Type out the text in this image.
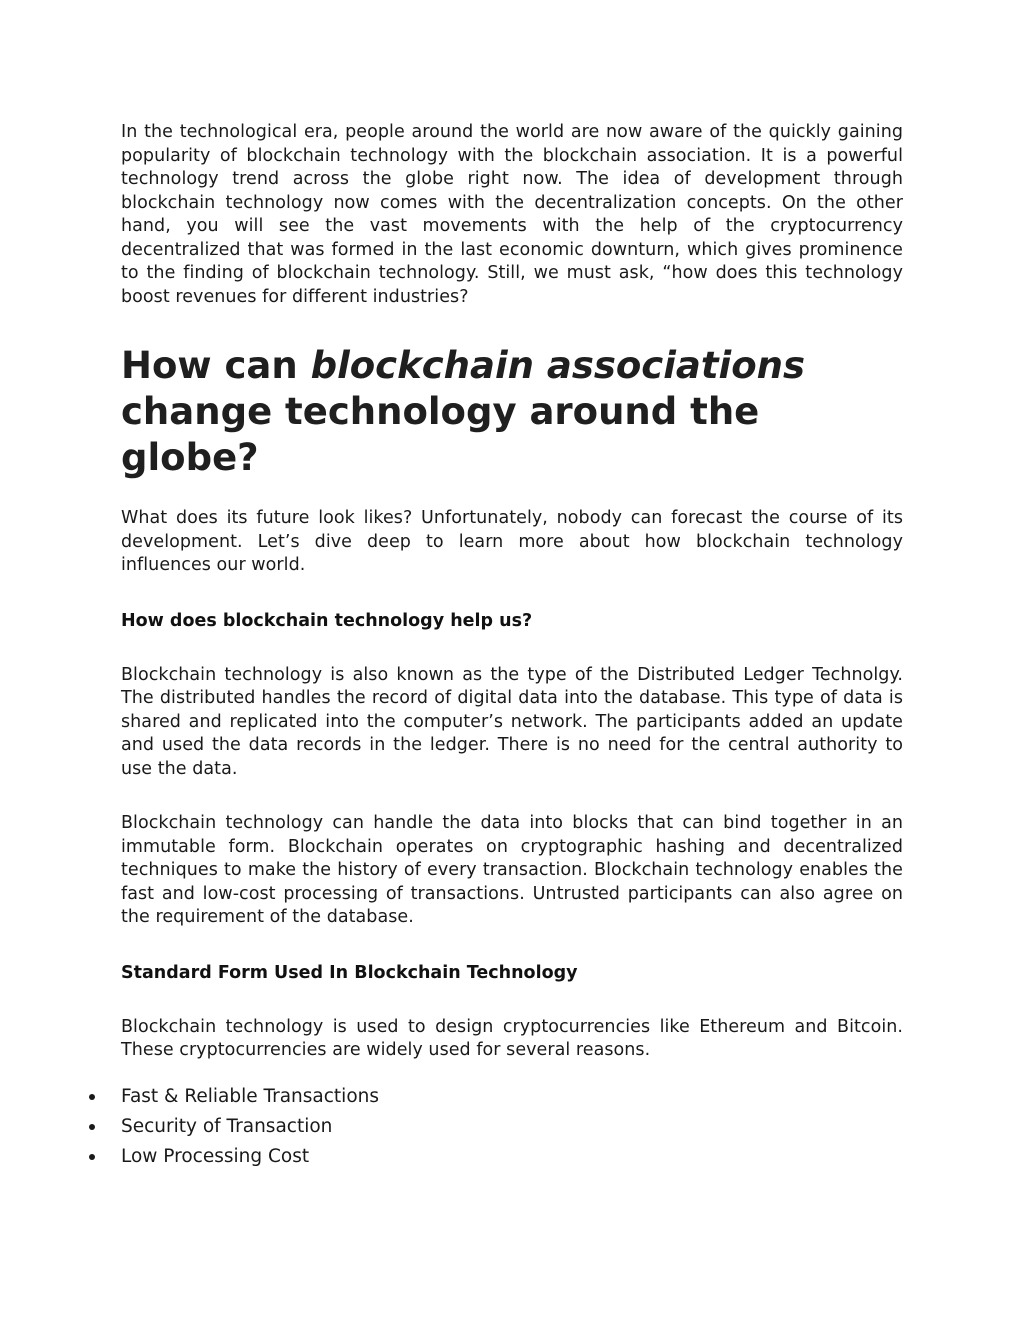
In the technological era, people around the world are now aware of the quickly gaining popularity of blockchain technology with the blockchain association. It is a powerful technology trend across the globe right now. The idea of development through blockchain technology now comes with the decentralization concepts. On the other hand, you will see the vast movements with the help of the cryptocurrency decentralized that was formed in the last economic downturn, which gives prominence to the finding of blockchain technology. Still, we must ask, “how does this technology boost revenues for different industries?

How can blockchain associations change technology around the globe?

What does its future look likes? Unfortunately, nobody can forecast the course of its development. Let’s dive deep to learn more about how blockchain technology influences our world.

How does blockchain technology help us?

Blockchain technology is also known as the type of the Distributed Ledger Technolgy. The distributed handles the record of digital data into the database. This type of data is shared and replicated into the computer’s network. The participants added an update and used the data records in the ledger. There is no need for the central authority to use the data.

Blockchain technology can handle the data into blocks that can bind together in an immutable form. Blockchain operates on cryptographic hashing and decentralized techniques to make the history of every transaction. Blockchain technology enables the fast and low-cost processing of transactions. Untrusted participants can also agree on the requirement of the database.

Standard Form Used In Blockchain Technology

Blockchain technology is used to design cryptocurrencies like Ethereum and Bitcoin. These cryptocurrencies are widely used for several reasons.

Fast & Reliable Transactions
Security of Transaction
Low Processing Cost
